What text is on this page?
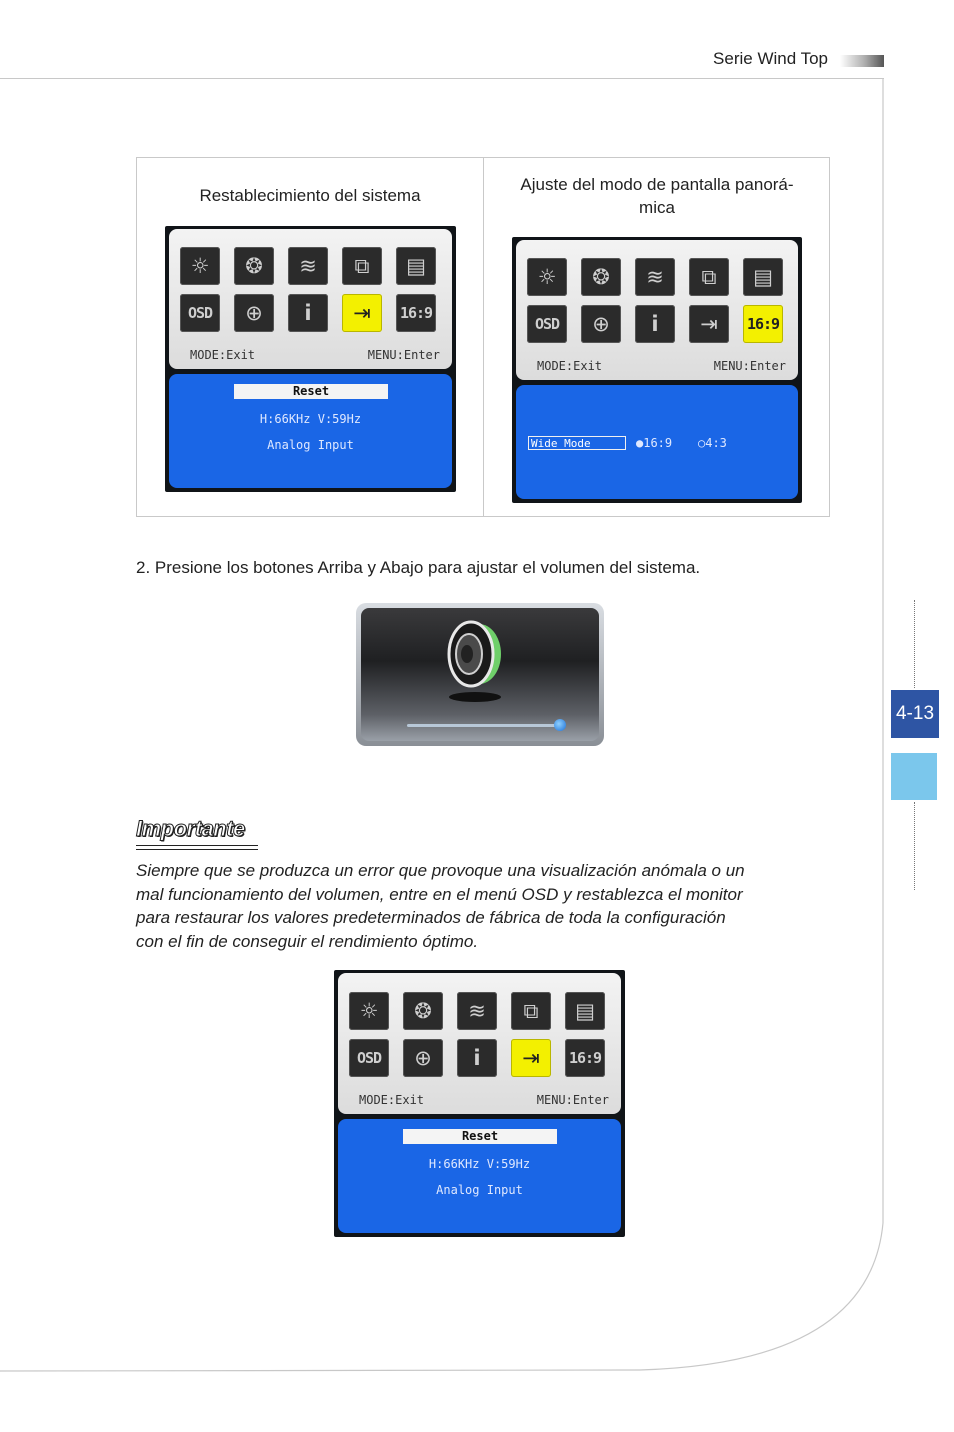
Serie Wind Top
4-13
Restablecimiento del sistema
Ajuste del modo de pantalla panorá-
mica
☼	❂	≋	⧉	▤
OSD	⊕	i	⇥	16:9
MODE:Exit	MENU:Enter
Reset
H:66KHz V:59Hz
Analog Input
☼	❂	≋	⧉	▤
OSD	⊕	i	⇥	16:9
MODE:Exit	MENU:Enter
Wide Mode	●16:9 ○4:3
2. Presione los botones Arriba y Abajo para ajustar el volumen del sistema.
Importante
Siempre que se produzca un error que provoque una visualización anómala o un
mal funcionamiento del volumen, entre en el menú OSD y restablezca el monitor
para restaurar los valores predeterminados de fábrica de toda la configuración
con el fin de conseguir el rendimiento óptimo.
☼	❂	≋	⧉	▤
OSD	⊕	i	⇥	16:9
MODE:Exit	MENU:Enter
Reset
H:66KHz V:59Hz
Analog Input
